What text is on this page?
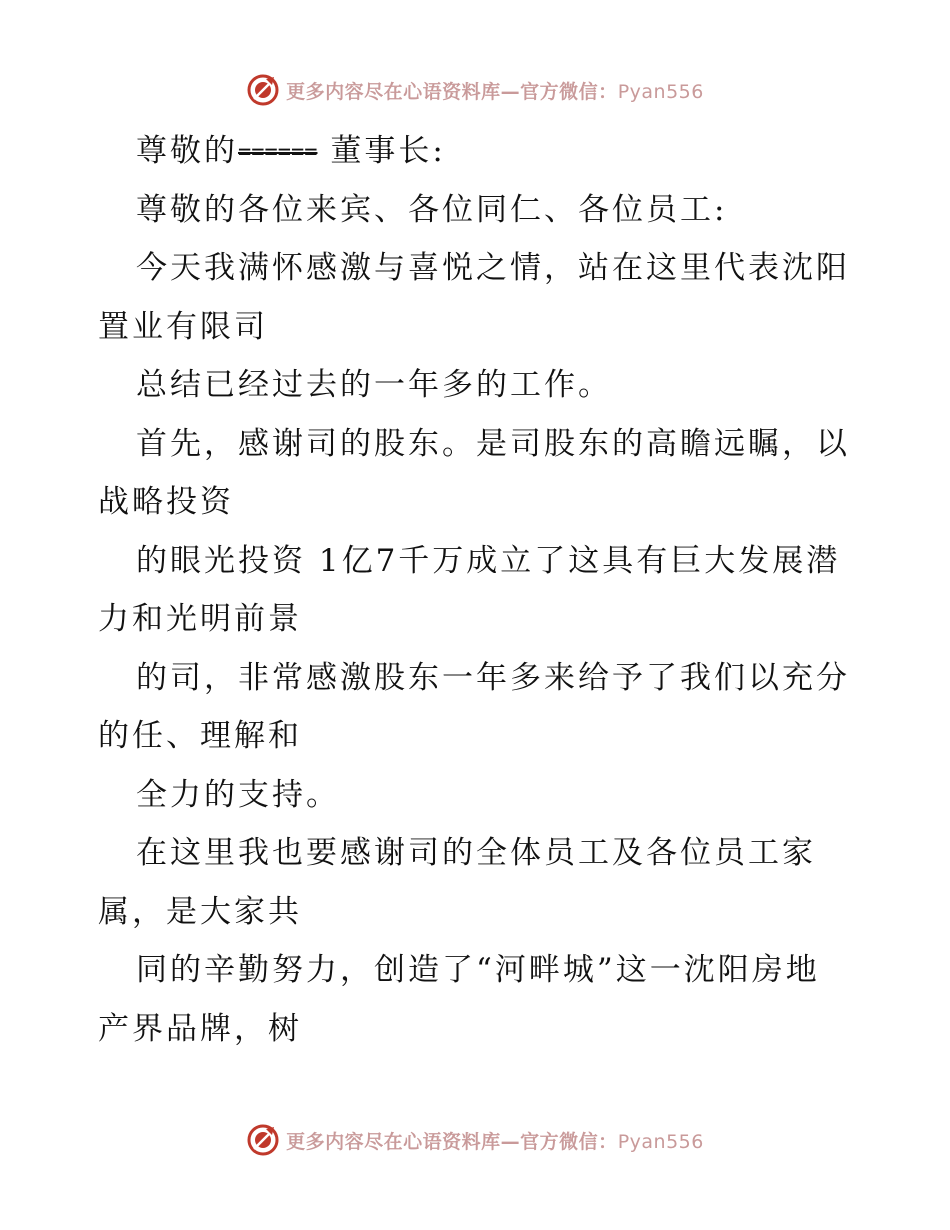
更多内容尽在心语资料库—官方微信：Pyan556
尊敬的====== 董事长:
尊敬的各位来宾、各位同仁、各位员工:
今天我满怀感激与喜悦之情，站在这里代表沈阳
置业有限司
总结已经过去的一年多的工作。
首先，感谢司的股东。是司股东的高瞻远瞩，以
战略投资
的眼光投资 1亿7千万成立了这具有巨大发展潜
力和光明前景
的司，非常感激股东一年多来给予了我们以充分
的任、理解和
全力的支持。
在这里我也要感谢司的全体员工及各位员工家
属，是大家共
同的辛勤努力，创造了“河畔城”这一沈阳房地
产界品牌，树
更多内容尽在心语资料库—官方微信：Pyan556
